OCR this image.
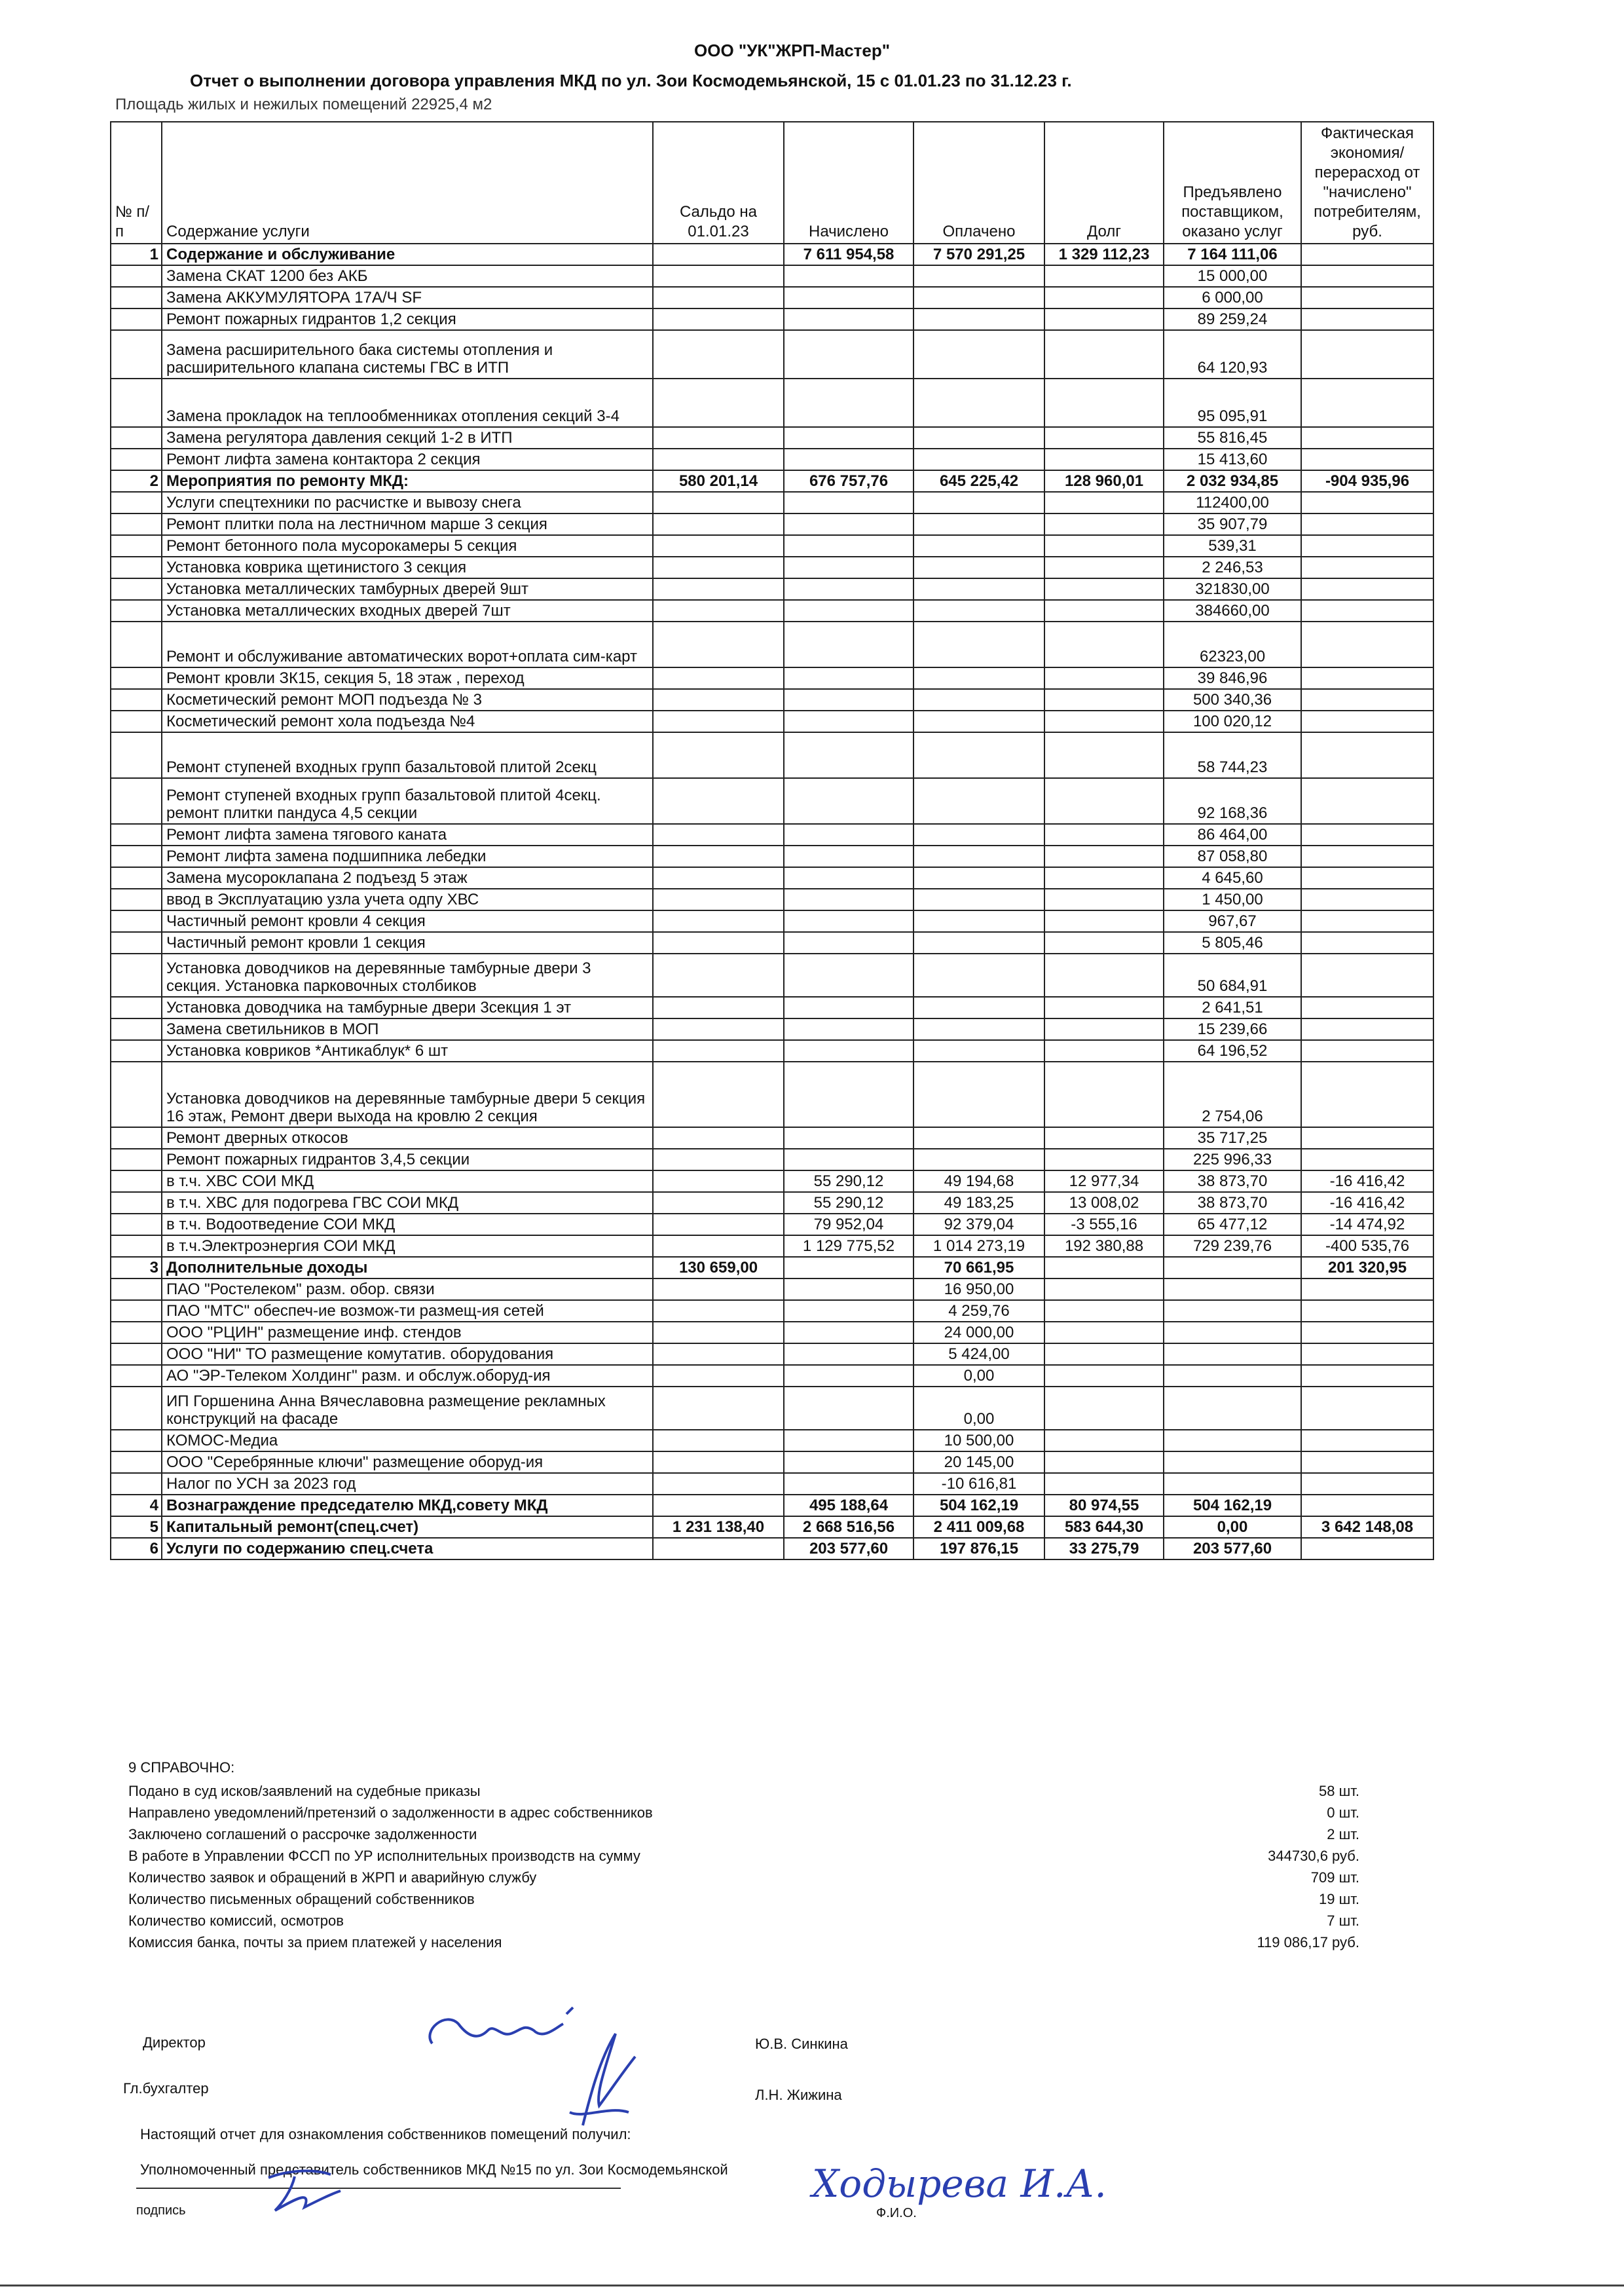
ООО "УК"ЖРП-Мастер"
Отчет о выполнении договора управления МКД по ул. Зои Космодемьянской, 15 с 01.01.23 по 31.12.23 г.
Площадь жилых и нежилых помещений 22925,4 м2
№ п/п	Содержание услуги	Сальдо на 01.01.23	Начислено	Оплачено	Долг	Предъявлено поставщиком, оказано услуг	Фактическая экономия/перерасход от "начислено" потребителям, руб.
1	Содержание и обслуживание		7 611 954,58	7 570 291,25	1 329 112,23	7 164 111,06	
	Замена СКАТ 1200 без АКБ					15 000,00	
	Замена АККУМУЛЯТОРА 17А/Ч SF					6 000,00	
	Ремонт пожарных гидрантов 1,2 секция					89 259,24	
	Замена расширительного бака системы отопления и расширительного клапана системы ГВС в ИТП					64 120,93	
	Замена прокладок на теплообменниках отопления секций 3-4					95 095,91	
	Замена регулятора давления секций 1-2 в ИТП					55 816,45	
	Ремонт лифта замена контактора 2 секция					15 413,60	
2	Мероприятия по ремонту МКД:	580 201,14	676 757,76	645 225,42	128 960,01	2 032 934,85	-904 935,96
	Услуги спецтехники по расчистке и вывозу снега					112400,00	
	Ремонт плитки пола на лестничном марше 3 секция					35 907,79	
	Ремонт бетонного пола мусорокамеры 5 секция					539,31	
	Установка коврика щетинистого 3 секция					2 246,53	
	Установка металлических тамбурных дверей 9шт					321830,00	
	Установка металлических входных дверей 7шт					384660,00	
	Ремонт и обслуживание автоматических ворот+оплата сим-карт					62323,00	
	Ремонт кровли ЗК15, секция 5, 18 этаж , переход					39 846,96	
	Косметический ремонт МОП подъезда № 3					500 340,36	
	Косметический ремонт хола подъезда №4					100 020,12	
	Ремонт ступеней входных групп базальтовой плитой 2секц					58 744,23	
	Ремонт ступеней входных групп базальтовой плитой 4секц. ремонт плитки пандуса 4,5 секции					92 168,36	
	Ремонт лифта замена тягового каната					86 464,00	
	Ремонт лифта замена подшипника лебедки					87 058,80	
	Замена мусороклапана 2 подъезд 5 этаж					4 645,60	
	ввод в Эксплуатацию узла учета одпу ХВС					1 450,00	
	Частичный ремонт кровли 4 секция					967,67	
	Частичный ремонт кровли 1 секция					5 805,46	
	Установка доводчиков на деревянные тамбурные двери 3 секция. Установка парковочных столбиков					50 684,91	
	Установка доводчика на тамбурные двери 3секция 1 эт					2 641,51	
	Замена светильников в МОП					15 239,66	
	Установка ковриков *Антикаблук* 6 шт					64 196,52	
	Установка доводчиков на деревянные тамбурные двери 5 секция 16 этаж, Ремонт двери выхода на кровлю 2 секция					2 754,06	
	Ремонт дверных откосов					35 717,25	
	Ремонт пожарных гидрантов 3,4,5 секции					225 996,33	
	в т.ч. ХВС СОИ МКД		55 290,12	49 194,68	12 977,34	38 873,70	-16 416,42
	в т.ч. ХВС для подогрева ГВС СОИ МКД		55 290,12	49 183,25	13 008,02	38 873,70	-16 416,42
	в т.ч. Водоотведение СОИ МКД		79 952,04	92 379,04	-3 555,16	65 477,12	-14 474,92
	в т.ч.Электроэнергия СОИ МКД		1 129 775,52	1 014 273,19	192 380,88	729 239,76	-400 535,76
3	Дополнительные доходы	130 659,00		70 661,95			201 320,95
	ПАО "Ростелеком" разм. обор. связи			16 950,00			
	ПАО "МТС" обеспеч-ие возмож-ти размещ-ия сетей			4 259,76			
	ООО "РЦИН" размещение инф. стендов			24 000,00			
	ООО "НИ" ТО размещение комутатив. оборудования			5 424,00			
	АО "ЭР-Телеком Холдинг" разм. и обслуж.оборуд-ия			0,00			
	ИП Горшенина Анна Вячеславовна размещение рекламных конструкций на фасаде			0,00			
	КОМОС-Медиа			10 500,00			
	ООО "Серебрянные ключи" размещение оборуд-ия			20 145,00			
	Налог по УСН за 2023 год			-10 616,81			
4	Вознаграждение председателю МКД,совету МКД		495 188,64	504 162,19	80 974,55	504 162,19	
5	Капитальный ремонт(спец.счет)	1 231 138,40	2 668 516,56	2 411 009,68	583 644,30	0,00	3 642 148,08
6	Услуги по содержанию спец.счета		203 577,60	197 876,15	33 275,79	203 577,60	
9 СПРАВОЧНО:
Подано в суд исков/заявлений на судебные приказы	58 шт.
Направлено уведомлений/претензий о задолженности в адрес собственников	0 шт.
Заключено соглашений о рассрочке задолженности	2 шт.
В работе в Управлении ФССП по УР исполнительных производств на сумму	344730,6 руб.
Количество заявок и обращений в ЖРП и аварийную службу	709 шт.
Количество письменных обращений собственников	19 шт.
Количество комиссий, осмотров	7 шт.
Комиссия банка, почты за прием платежей у населения	119 086,17 руб.
Директор	Ю.В. Синкина
Гл.бухгалтер	Л.Н. Жижина
Настоящий отчет для ознакомления собственников помещений получил:
Уполномоченный представитель собственников МКД №15 по ул. Зои Космодемьянской Ходырева И.А.
подпись	Ф.И.О.
